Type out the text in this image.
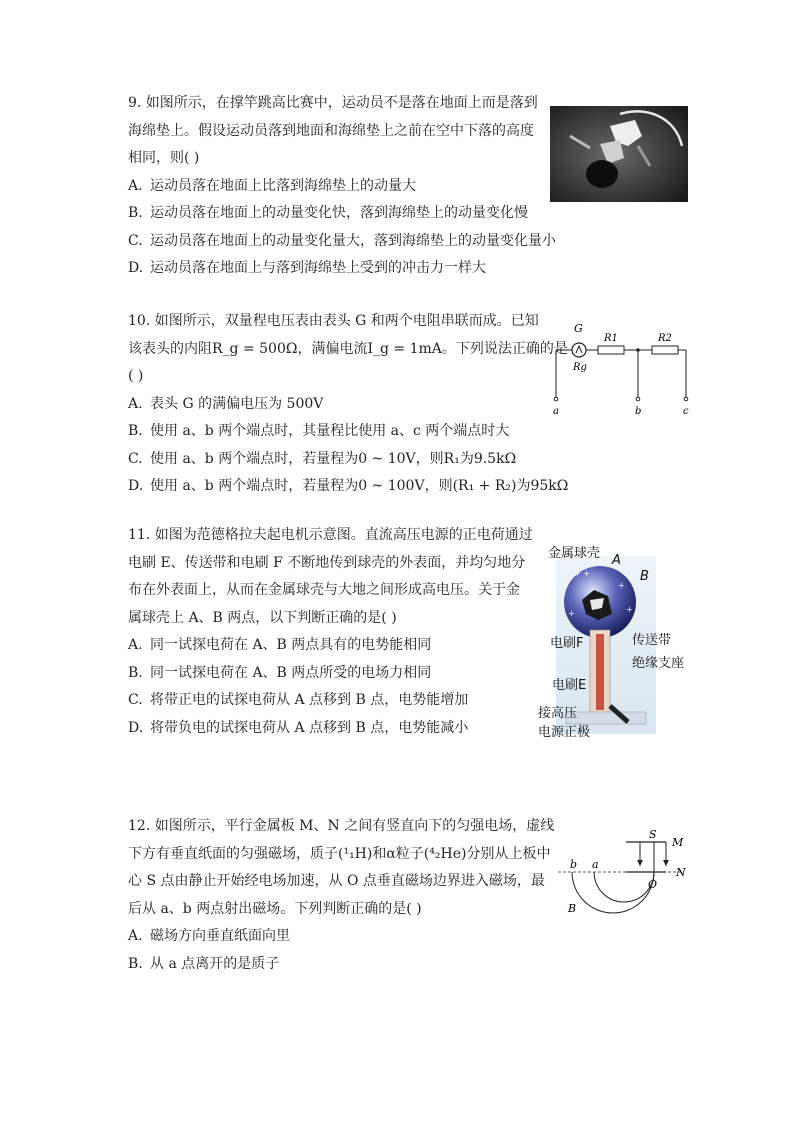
9. 如图所示，在撑竿跳高比赛中，运动员不是落在地面上而是落到
海绵垫上。假设运动员落到地面和海绵垫上之前在空中下落的高度
相同，则( )
A. 运动员落在地面上比落到海绵垫上的动量大
B. 运动员落在地面上的动量变化快，落到海绵垫上的动量变化慢
C. 运动员落在地面上的动量变化量大，落到海绵垫上的动量变化量小
D. 运动员落在地面上与落到海绵垫上受到的冲击力一样大
10. 如图所示，双量程电压表由表头 G 和两个电阻串联而成。已知
该表头的内阻R_g = 500Ω，满偏电流I_g = 1mA。下列说法正确的是
( )
A. 表头 G 的满偏电压为 500V
B. 使用 a、b 两个端点时，其量程比使用 a、c 两个端点时大
C. 使用 a、b 两个端点时，若量程为0 ~ 10V，则R₁为9.5kΩ
D. 使用 a、b 两个端点时，若量程为0 ~ 100V，则(R₁ + R₂)为95kΩ
G
Rg
R1	R2
a	b	c
11. 如图为范德格拉夫起电机示意图。直流高压电源的正电荷通过
电刷 E、传送带和电刷 F 不断地传到球壳的外表面，并均匀地分
布在外表面上，从而在金属球壳与大地之间形成高电压。关于金
属球壳上 A、B 两点，以下判断正确的是( )
A. 同一试探电荷在 A、B 两点具有的电势能相同
B. 同一试探电荷在 A、B 两点所受的电场力相同
C. 将带正电的试探电荷从 A 点移到 B 点，电势能增加
D. 将带负电的试探电荷从 A 点移到 B 点，电势能减小
+ +
+
+	+
金属球壳 A
B
电刷F	传送带
绝缘支座
电刷E
接高压
电源正极
12. 如图所示，平行金属板 M、N 之间有竖直向下的匀强电场，虚线
下方有垂直纸面的匀强磁场，质子(¹₁H)和α粒子(⁴₂He)分别从上板中
心 S 点由静止开始经电场加速，从 O 点垂直磁场边界进入磁场，最
后从 a、b 两点射出磁场。下列判断正确的是( )
A. 磁场方向垂直纸面向里
B. 从 a 点离开的是质子
S
M
N
O
a
b
B
